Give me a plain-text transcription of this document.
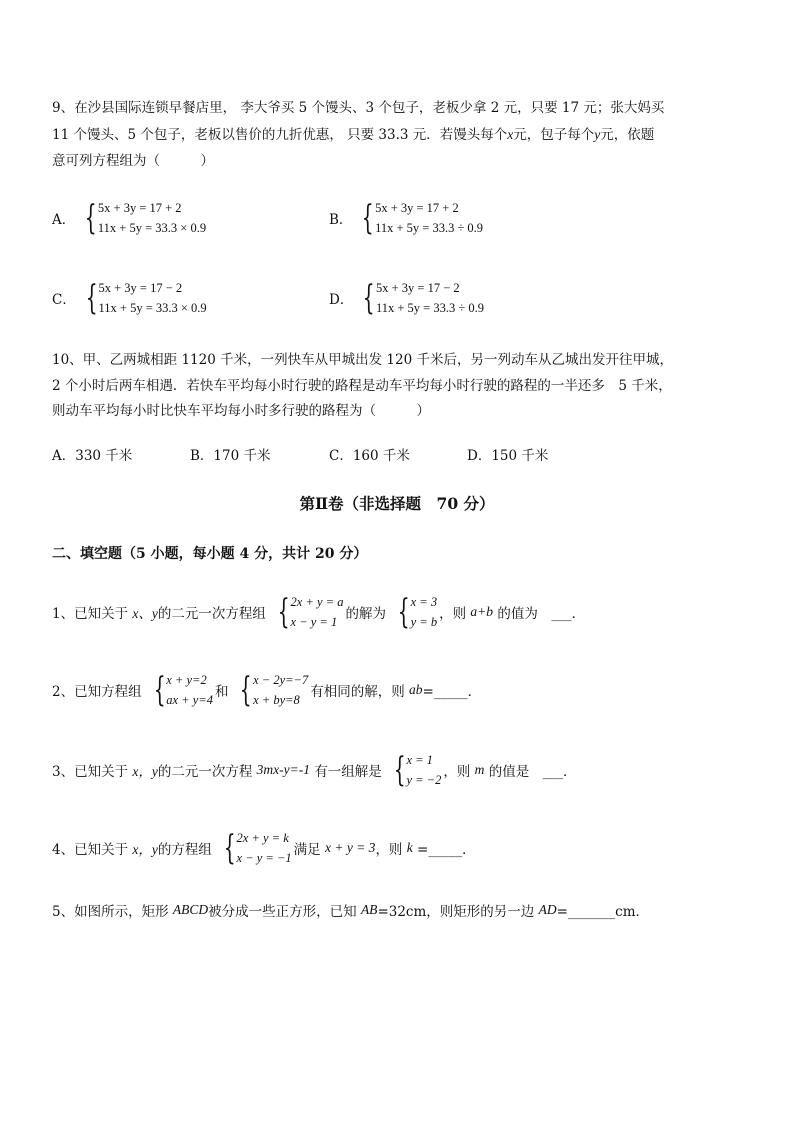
9、在沙县国际连锁早餐店里， 李大爷买 5 个馒头、3 个包子，老板少拿 2 元，只要 17 元；张大妈买
11 个馒头、5 个包子，老板以售价的九折优惠， 只要 33.3 元．若馒头每个x元，包子每个y元，依题
意可列方程组为（　　　）
A． { 5x + 3y = 17 + 2
11x + 5y = 33.3 × 0.9	B． { 5x + 3y = 17 + 2
11x + 5y = 33.3 ÷ 0.9
C． { 5x + 3y = 17 − 2
11x + 5y = 33.3 × 0.9	D． { 5x + 3y = 17 − 2
11x + 5y = 33.3 ÷ 0.9
10、甲、乙两城相距 1120 千米，一列快车从甲城出发 120 千米后，另一列动车从乙城出发开往甲城，
2 个小时后两车相遇．若快车平均每小时行驶的路程是动车平均每小时行驶的路程的一半还多　5 千米，
则动车平均每小时比快车平均每小时多行驶的路程为（　　　）
A．330 千米	B．170 千米	C．160 千米	D．150 千米
第Ⅱ卷（非选择题　70 分）
二、填空题（5 小题，每小题 4 分，共计 20 分）
1、已知关于
x、y 的二元一次方程组 { 2x + y = a
x − y = 1 的解为 { x = 3
y = b ，则
a+b
的值为　___．
2、已知方程组 { x + y=2
ax + y=4 和 { x − 2y=−7
x + by=8 有相同的解，则
ab =_____．
3、已知关于
x，y 的二元一次方程
3mx-y=-1
有一组解是 { x = 1
y = −2 ，则
m
的值是　___．
4、已知关于
x，y 的方程组 { 2x + y = k
x − y = −1 满足
x + y = 3 ，则
k
=_____．
5、如图所示，矩形
ABCD 被分成一些正方形，已知
AB =32cm，则矩形的另一边
AD =_______cm．
